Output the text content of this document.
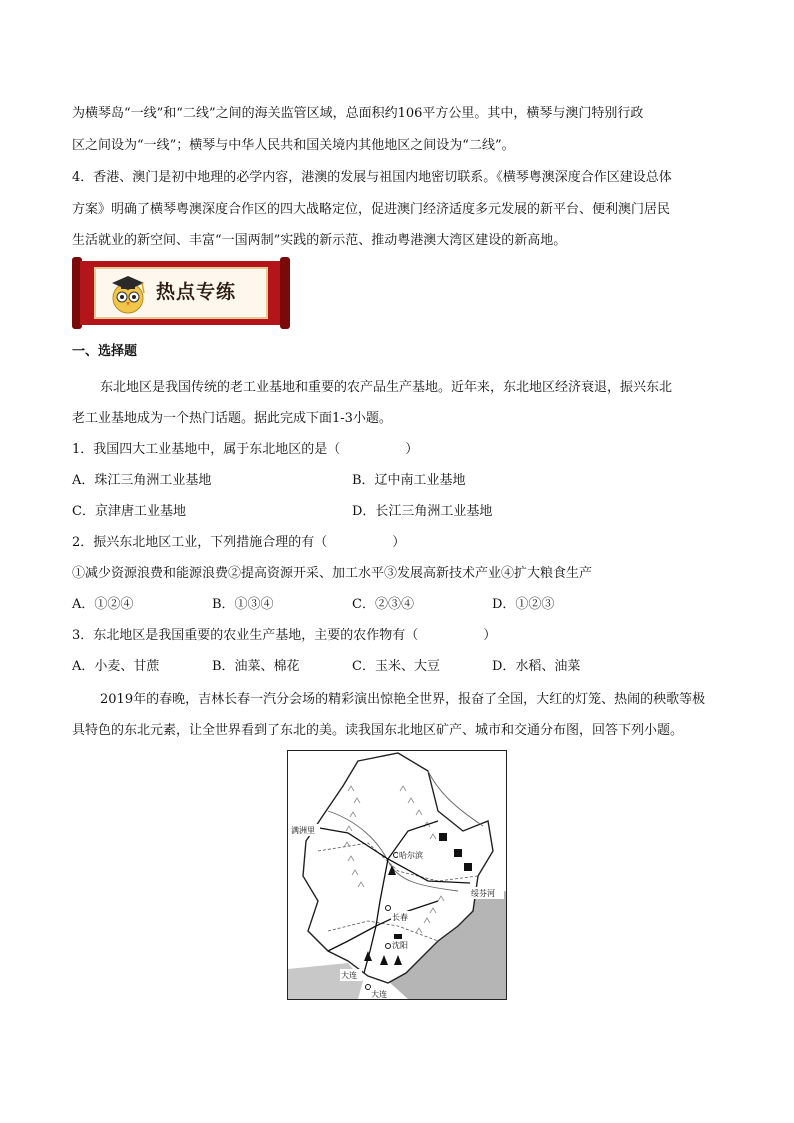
为横琴岛“一线”和“二线”之间的海关监管区域，总面积约106平方公里。其中，横琴与澳门特别行政
区之间设为“一线”；横琴与中华人民共和国关境内其他地区之间设为“二线”。
4．香港、澳门是初中地理的必学内容，港澳的发展与祖国内地密切联系。《横琴粤澳深度合作区建设总体
方案》明确了横琴粤澳深度合作区的四大战略定位，促进澳门经济适度多元发展的新平台、便利澳门居民
生活就业的新空间、丰富“一国两制”实践的新示范、推动粤港澳大湾区建设的新高地。
热点专练
一、选择题
东北地区是我国传统的老工业基地和重要的农产品生产基地。近年来，东北地区经济衰退，振兴东北
老工业基地成为一个热门话题。据此完成下面1-3小题。
1．我国四大工业基地中，属于东北地区的是（　　　　　）
A．珠江三角洲工业基地	B．辽中南工业基地
C．京津唐工业基地	D．长江三角洲工业基地
2．振兴东北地区工业，下列措施合理的有（　　　　　）
①减少资源浪费和能源浪费②提高资源开采、加工水平③发展高新技术产业④扩大粮食生产
A．①②④	B．①③④	C．②③④	D．①②③
3．东北地区是我国重要的农业生产基地，主要的农作物有（　　　　　）
A．小麦、甘蔗	B．油菜、棉花	C．玉米、大豆	D．水稻、油菜
2019年的春晚，吉林长春一汽分会场的精彩演出惊艳全世界，报奋了全国，大红的灯笼、热闹的秧歌等极
具特色的东北元素，让全世界看到了东北的美。读我国东北地区矿产、城市和交通分布图，回答下列小题。
满洲里
哈尔滨
绥芬河
长春
沈阳
大连
大连
